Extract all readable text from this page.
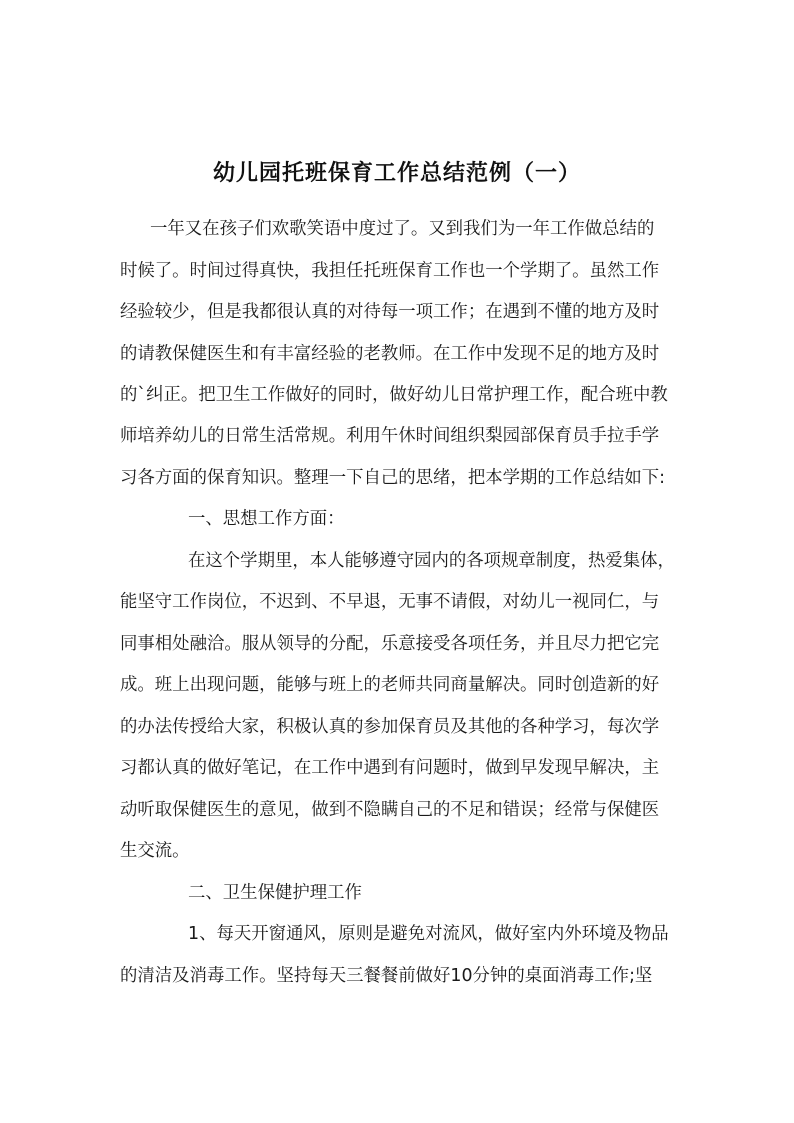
幼儿园托班保育工作总结范例（一）

一年又在孩子们欢歌笑语中度过了。又到我们为一年工作做总结的

时候了。时间过得真快，我担任托班保育工作也一个学期了。虽然工作

经验较少，但是我都很认真的对待每一项工作；在遇到不懂的地方及时

的请教保健医生和有丰富经验的老教师。在工作中发现不足的地方及时

的`纠正。把卫生工作做好的同时，做好幼儿日常护理工作，配合班中教

师培养幼儿的日常生活常规。利用午休时间组织梨园部保育员手拉手学

习各方面的保育知识。整理一下自己的思绪，把本学期的工作总结如下:

一、思想工作方面：

在这个学期里，本人能够遵守园内的各项规章制度，热爱集体，

能坚守工作岗位，不迟到、不早退，无事不请假，对幼儿一视同仁，与

同事相处融洽。服从领导的分配，乐意接受各项任务，并且尽力把它完

成。班上出现问题，能够与班上的老师共同商量解决。同时创造新的好

的办法传授给大家，积极认真的参加保育员及其他的各种学习，每次学

习都认真的做好笔记，在工作中遇到有问题时，做到早发现早解决，主

动听取保健医生的意见，做到不隐瞒自己的不足和错误；经常与保健医

生交流。

二、卫生保健护理工作

1、每天开窗通风，原则是避免对流风，做好室内外环境及物品

的清洁及消毒工作。坚持每天三餐餐前做好10分钟的桌面消毒工作;坚
